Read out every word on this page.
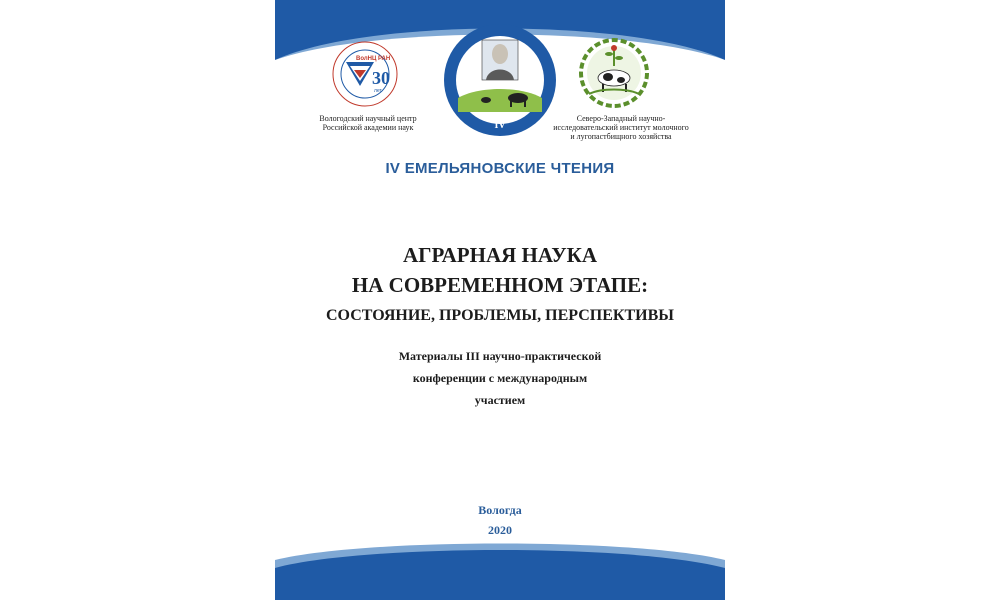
ВолНЦ РАН
30
лет
IV
Вологодский научный центр
Российской академии наук
Северо-Западный научно-
исследовательский институт молочного
и лугопастбищного хозяйства
IV ЕМЕЛЬЯНОВСКИЕ ЧТЕНИЯ
АГРАРНАЯ НАУКА
НА СОВРЕМЕННОМ ЭТАПЕ:
СОСТОЯНИЕ, ПРОБЛЕМЫ, ПЕРСПЕКТИВЫ
Материалы III научно-практической
конференции с международным
участием
Вологда
2020
